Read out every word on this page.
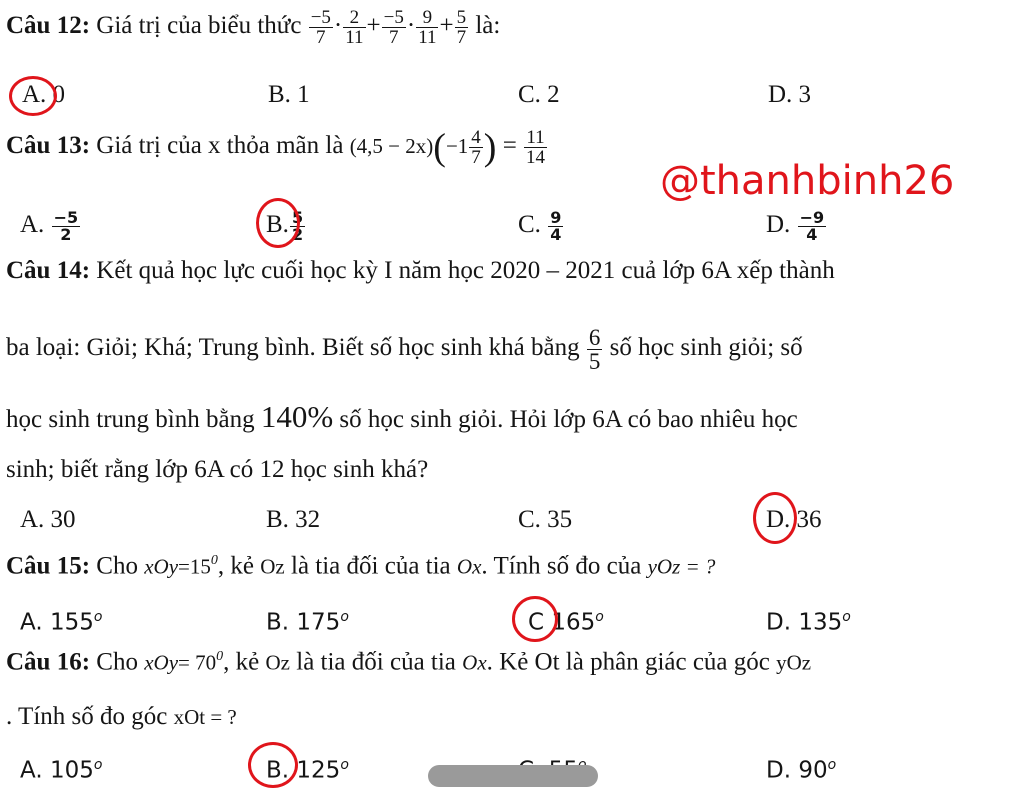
Câu 12: Giá trị của biểu thức $\frac{-5}{7} \cdot \frac{2}{11} + \frac{-5}{7} \cdot \frac{9}{11} + \frac{5}{7}$ là:
A. 0	B. 1	C. 2	D. 3
Câu 13: Giá trị của x thỏa mãn là $(4,5 - 2x)(-1 \frac{4}{7}$ ) = $\frac{11}{14}$
@thanhbinh26
A. $\frac{-5}{2}$	B. $\frac{5}{2}$	C. $\frac{9}{4}$	D. $\frac{-9}{4}$
Câu 14: Kết quả học lực cuối học kỳ I năm học 2020 – 2021 cuả lớp 6A xếp thành
ba loại: Giỏi; Khá; Trung bình. Biết số học sinh khá bằng $\frac{6}{5}$ số học sinh giỏi; số
học sinh trung bình bằng 140% số học sinh giỏi. Hỏi lớp 6A có bao nhiêu học
sinh; biết rằng lớp 6A có 12 học sinh khá?
A. 30	B. 32	C. 35	D. 36
Câu 15: Cho $xOy=15^0$, kẻ Oz là tia đối của tia Ox. Tính số đo của yOz = ?
A. 155$^o$	B. 175$^o$	C 165$^o$	D. 135$^o$
Câu 16: Cho $xOy= 70^0$, kẻ Oz là tia đối của tia Ox. Kẻ Ot là phân giác của góc yOz
. Tính số đo góc xOt = ?
A. 105$^o$	B. 125$^o$	D. 90$^o$
